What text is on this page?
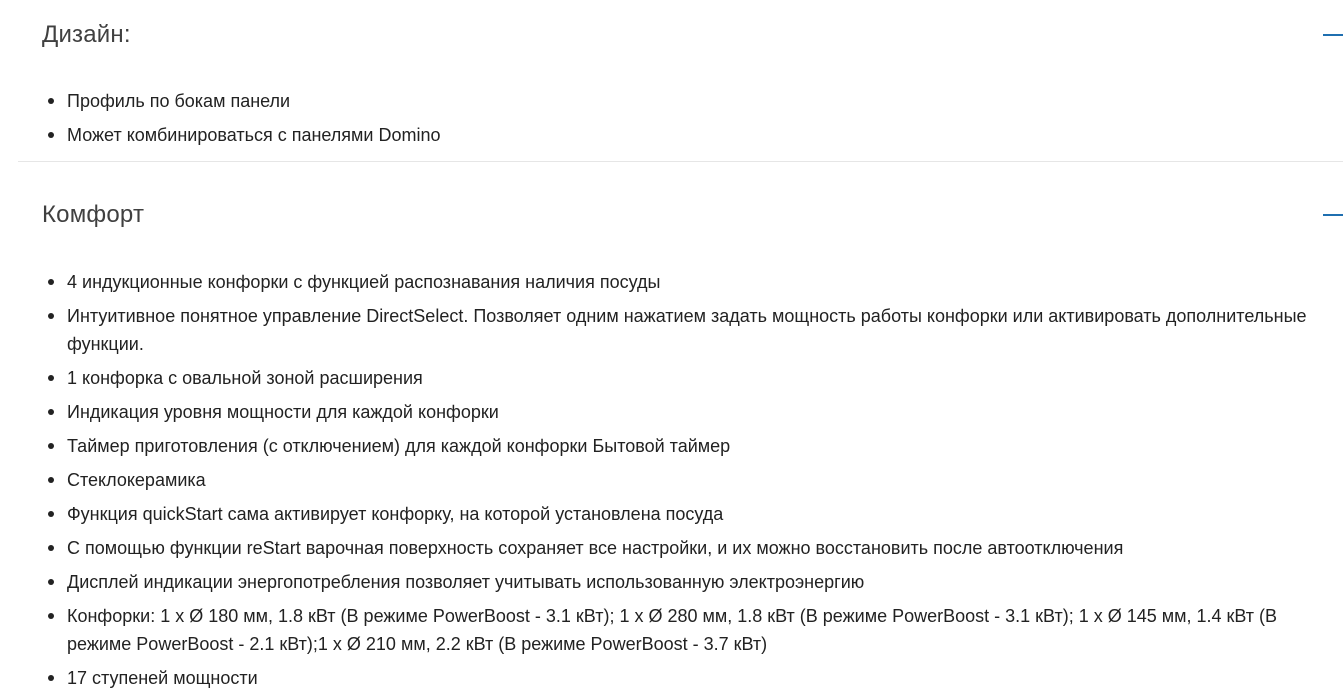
Дизайн:
Профиль по бокам панели
Может комбинироваться с панелями Domino
Комфорт
4 индукционные конфорки с функцией распознавания наличия посуды
Интуитивное понятное управление DirectSelect. Позволяет одним нажатием задать мощность работы конфорки или активировать дополнительные функции.
1 конфорка с овальной зоной расширения
Индикация уровня мощности для каждой конфорки
Таймер приготовления (с отключением) для каждой конфорки Бытовой таймер
Стеклокерамика
Функция quickStart сама активирует конфорку, на которой установлена посуда
С помощью функции reStart варочная поверхность сохраняет все настройки, и их можно восстановить после автоотключения
Дисплей индикации энергопотребления позволяет учитывать использованную электроэнергию
Конфорки: 1 x Ø 180 мм, 1.8 кВт (В режиме PowerBoost - 3.1 кВт); 1 x Ø 280 мм, 1.8 кВт (В режиме PowerBoost - 3.1 кВт); 1 x Ø 145 мм, 1.4 кВт (В режиме PowerBoost - 2.1 кВт);1 x Ø 210 мм, 2.2 кВт (В режиме PowerBoost - 3.7 кВт)
17 ступеней мощности
